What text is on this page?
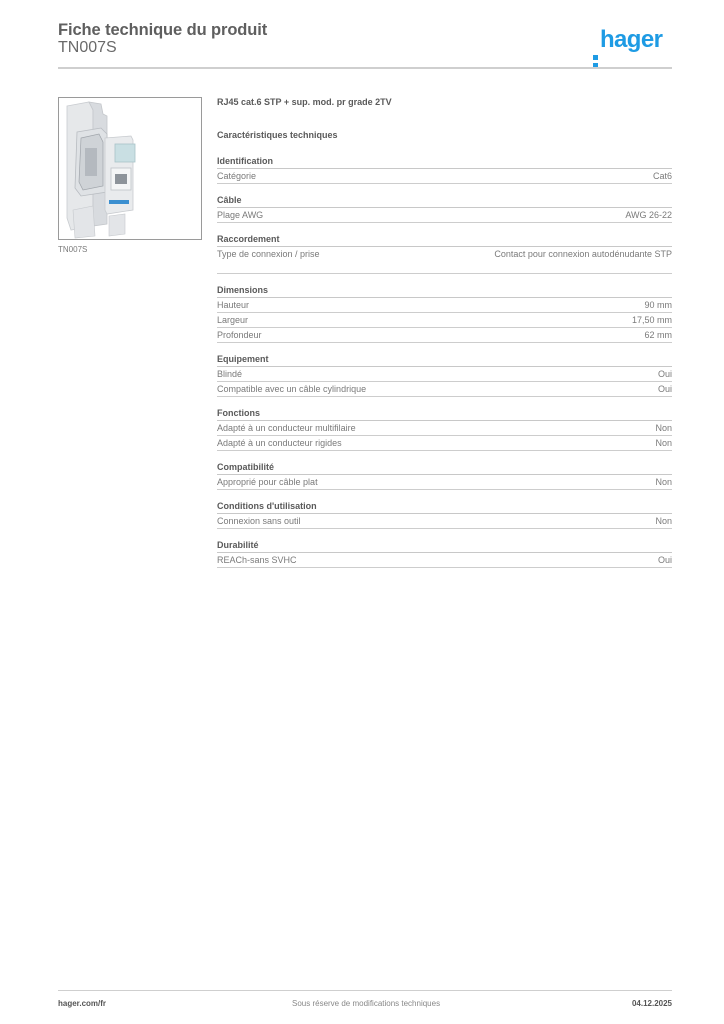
Fiche technique du produit
TN007S	hager
TN007S
RJ45 cat.6 STP + sup. mod. pr grade 2TV
Caractéristiques techniques
Identification
Catégorie	Cat6
Câble
Plage AWG	AWG 26-22
Raccordement
Type de connexion / prise	Contact pour connexion autodénudante STP
Dimensions
Hauteur	90 mm
Largeur	17,50 mm
Profondeur	62 mm
Equipement
Blindé	Oui
Compatible avec un câble cylindrique	Oui
Fonctions
Adapté à un conducteur multifilaire	Non
Adapté à un conducteur rigides	Non
Compatibilité
Approprié pour câble plat	Non
Conditions d'utilisation
Connexion sans outil	Non
Durabilité
REACh-sans SVHC	Oui
hager.com/fr	Sous réserve de modifications techniques	04.12.2025
